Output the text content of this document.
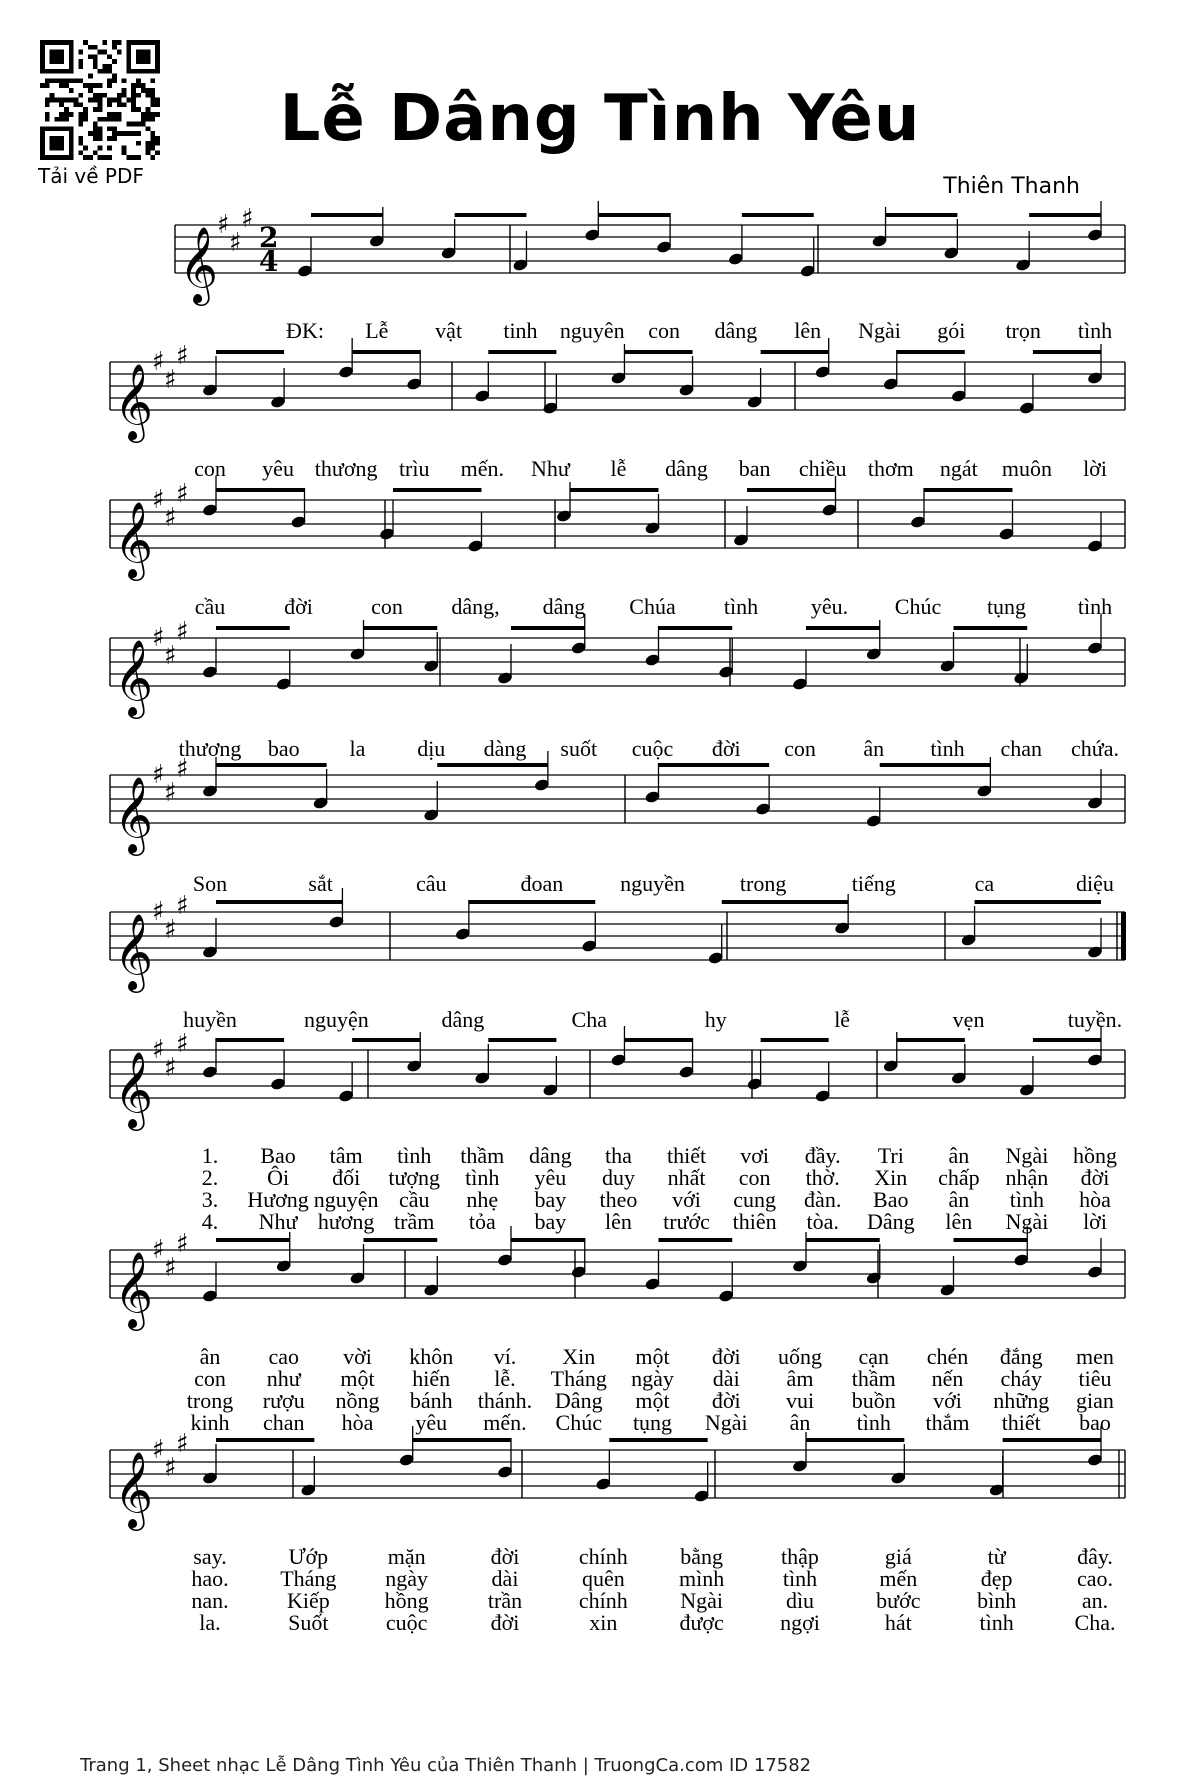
Tải về PDF
Lễ Dâng Tình Yêu
Thiên Thanh
𝄞
♯
♯
♯
2
4
𝄞
♯
♯
♯
𝄞
♯
♯
♯
𝄞
♯
♯
♯
𝄞
♯
♯
♯
𝄞
♯
♯
♯
𝄞
♯
♯
♯
𝄞
♯
♯
♯
𝄞
♯
♯
♯
ĐK: Lễ vật tinh nguyên con dâng lên Ngài gói trọn tình
con yêu thương trìu mến. Như lễ dâng ban chiều thơm ngát muôn lời
cầu	đời	con dâng, dâng Chúa tình yêu. Chúc tụng tình
thương bao la dịu dàng suốt cuộc đời con ân tình chan chứa.
Son	sắt	câu	đoan	nguyền	trong	tiếng	ca	diệu
huyền	nguyện	dâng	Cha	hy	lễ	vẹn	tuyền.
1. Bao tâm tình thầm dâng tha thiết vơi đầy. Tri ân Ngài hồng
2. Ôi đối tượng tình yêu duy nhất con thờ. Xin chấp nhận đời
3. Hương nguyện cầu nhẹ bay theo với cung đàn. Bao ân tình hòa
4. Như hương trầm tỏa bay lên trước thiên tòa. Dâng lên Ngài lời
ân cao vời khôn ví. Xin một đời uống cạn chén đắng men
con như một hiến lễ. Tháng ngày dài âm thầm nến cháy tiêu
trong rượu nồng bánh thánh. Dâng một đời vui buồn với những gian
kinh chan hòa yêu mến. Chúc tụng Ngài ân tình thắm thiết bao
say.	Ướp	mặn	đời	chính bằng	thập	giá	từ	đây.
hao. Tháng ngày	dài	quên mình	tình	mến	đẹp	cao.
nan.	Kiếp hồng	trần	chính Ngài	dìu	bước	bình	an.
la.	Suốt	cuộc	đời	xin	được	ngợi	hát	tình	Cha.
Trang 1, Sheet nhạc Lễ Dâng Tình Yêu của Thiên Thanh | TruongCa.com ID 17582
